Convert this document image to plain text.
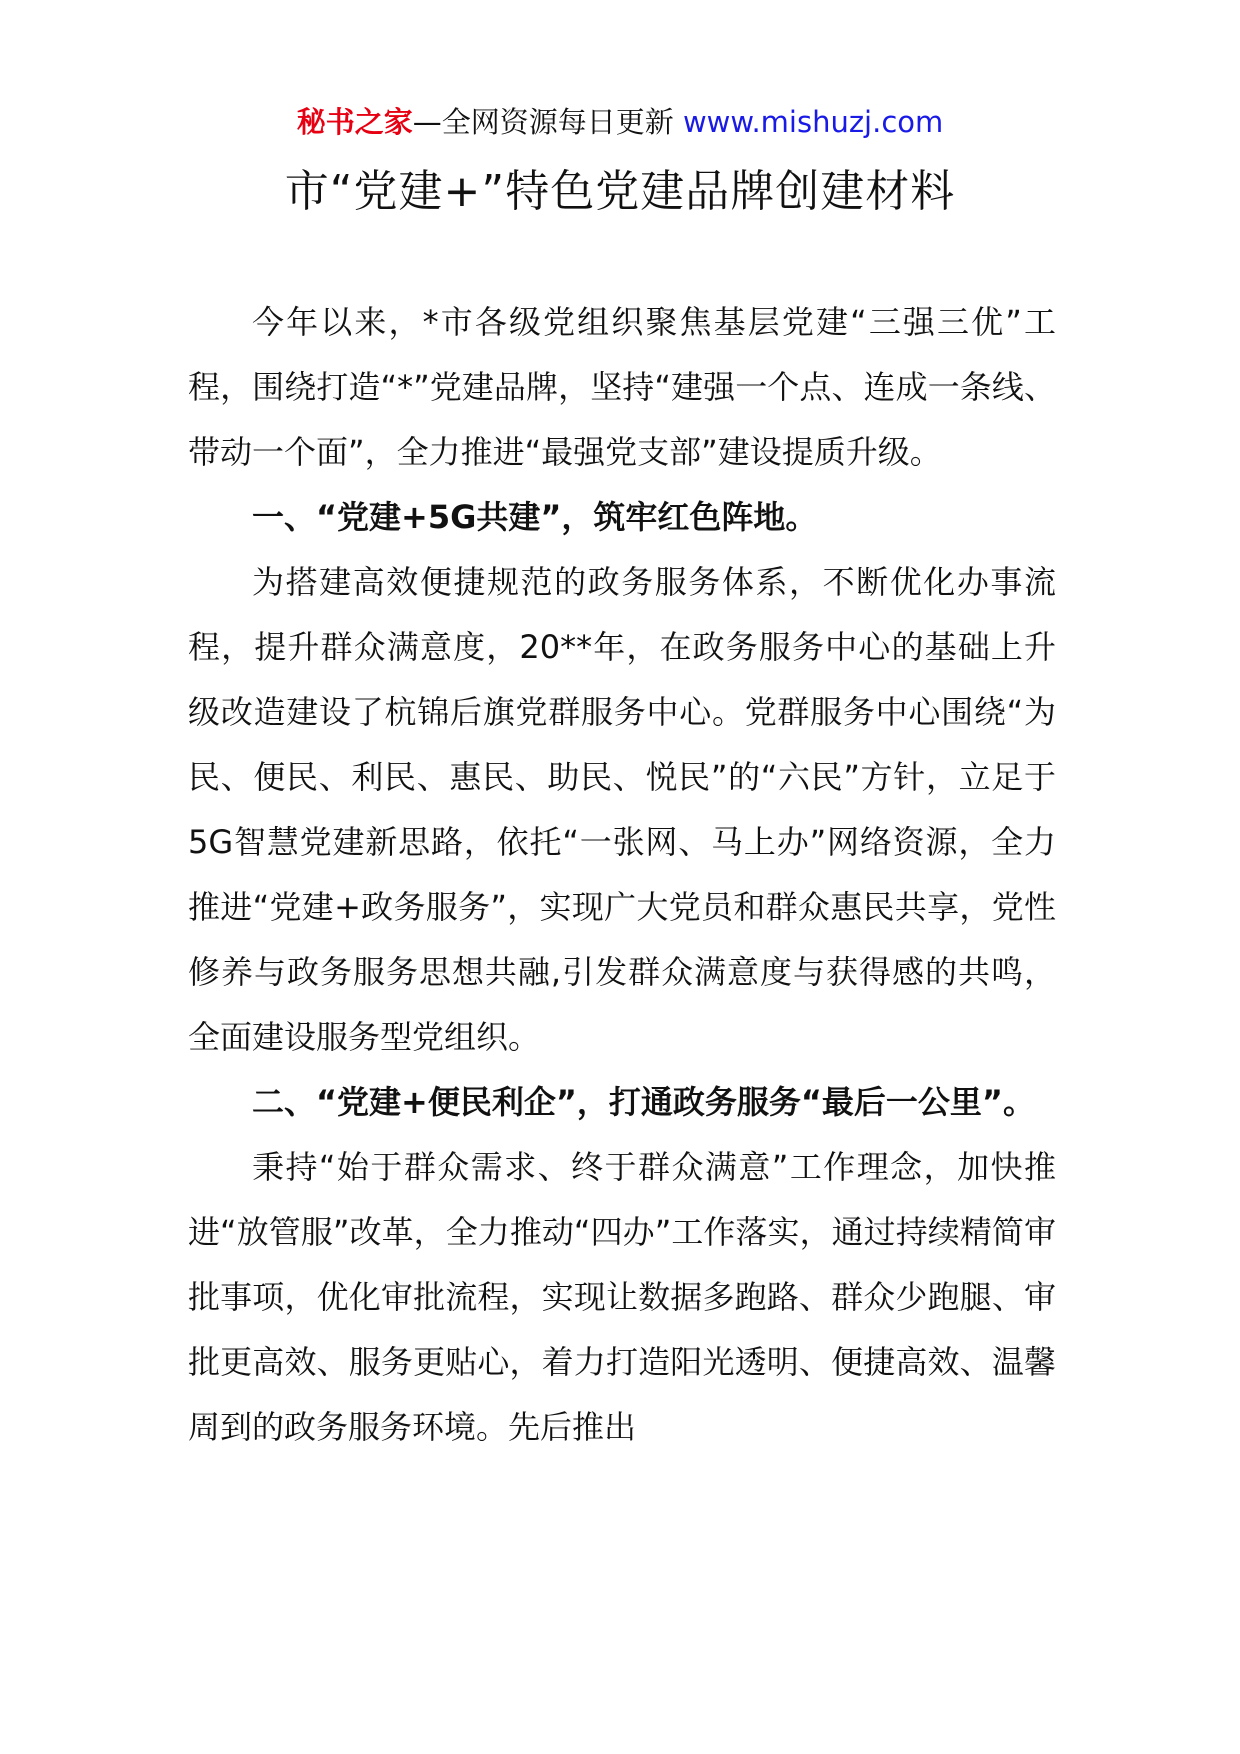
秘书之家—全网资源每日更新 www.mishuzj.com
市“党建+”特色党建品牌创建材料

今年以来，*市各级党组织聚焦基层党建“三强三优”工程，围绕打造“*”党建品牌，坚持“建强一个点、连成一条线、带动一个面”，全力推进“最强党支部”建设提质升级。

一、“党建+5G共建”，筑牢红色阵地。

为搭建高效便捷规范的政务服务体系，不断优化办事流程，提升群众满意度，20**年，在政务服务中心的基础上升级改造建设了杭锦后旗党群服务中心。党群服务中心围绕“为民、便民、利民、惠民、助民、悦民”的“六民”方针，立足于5G智慧党建新思路，依托“一张网、马上办”网络资源，全力推进“党建+政务服务”，实现广大党员和群众惠民共享，党性修养与政务服务思想共融,引发群众满意度与获得感的共鸣，全面建设服务型党组织。

二、“党建+便民利企”，打通政务服务“最后一公里”。

秉持“始于群众需求、终于群众满意”工作理念，加快推进“放管服”改革，全力推动“四办”工作落实，通过持续精简审批事项，优化审批流程，实现让数据多跑路、群众少跑腿、审批更高效、服务更贴心，着力打造阳光透明、便捷高效、温馨周到的政务服务环境。先后推出
